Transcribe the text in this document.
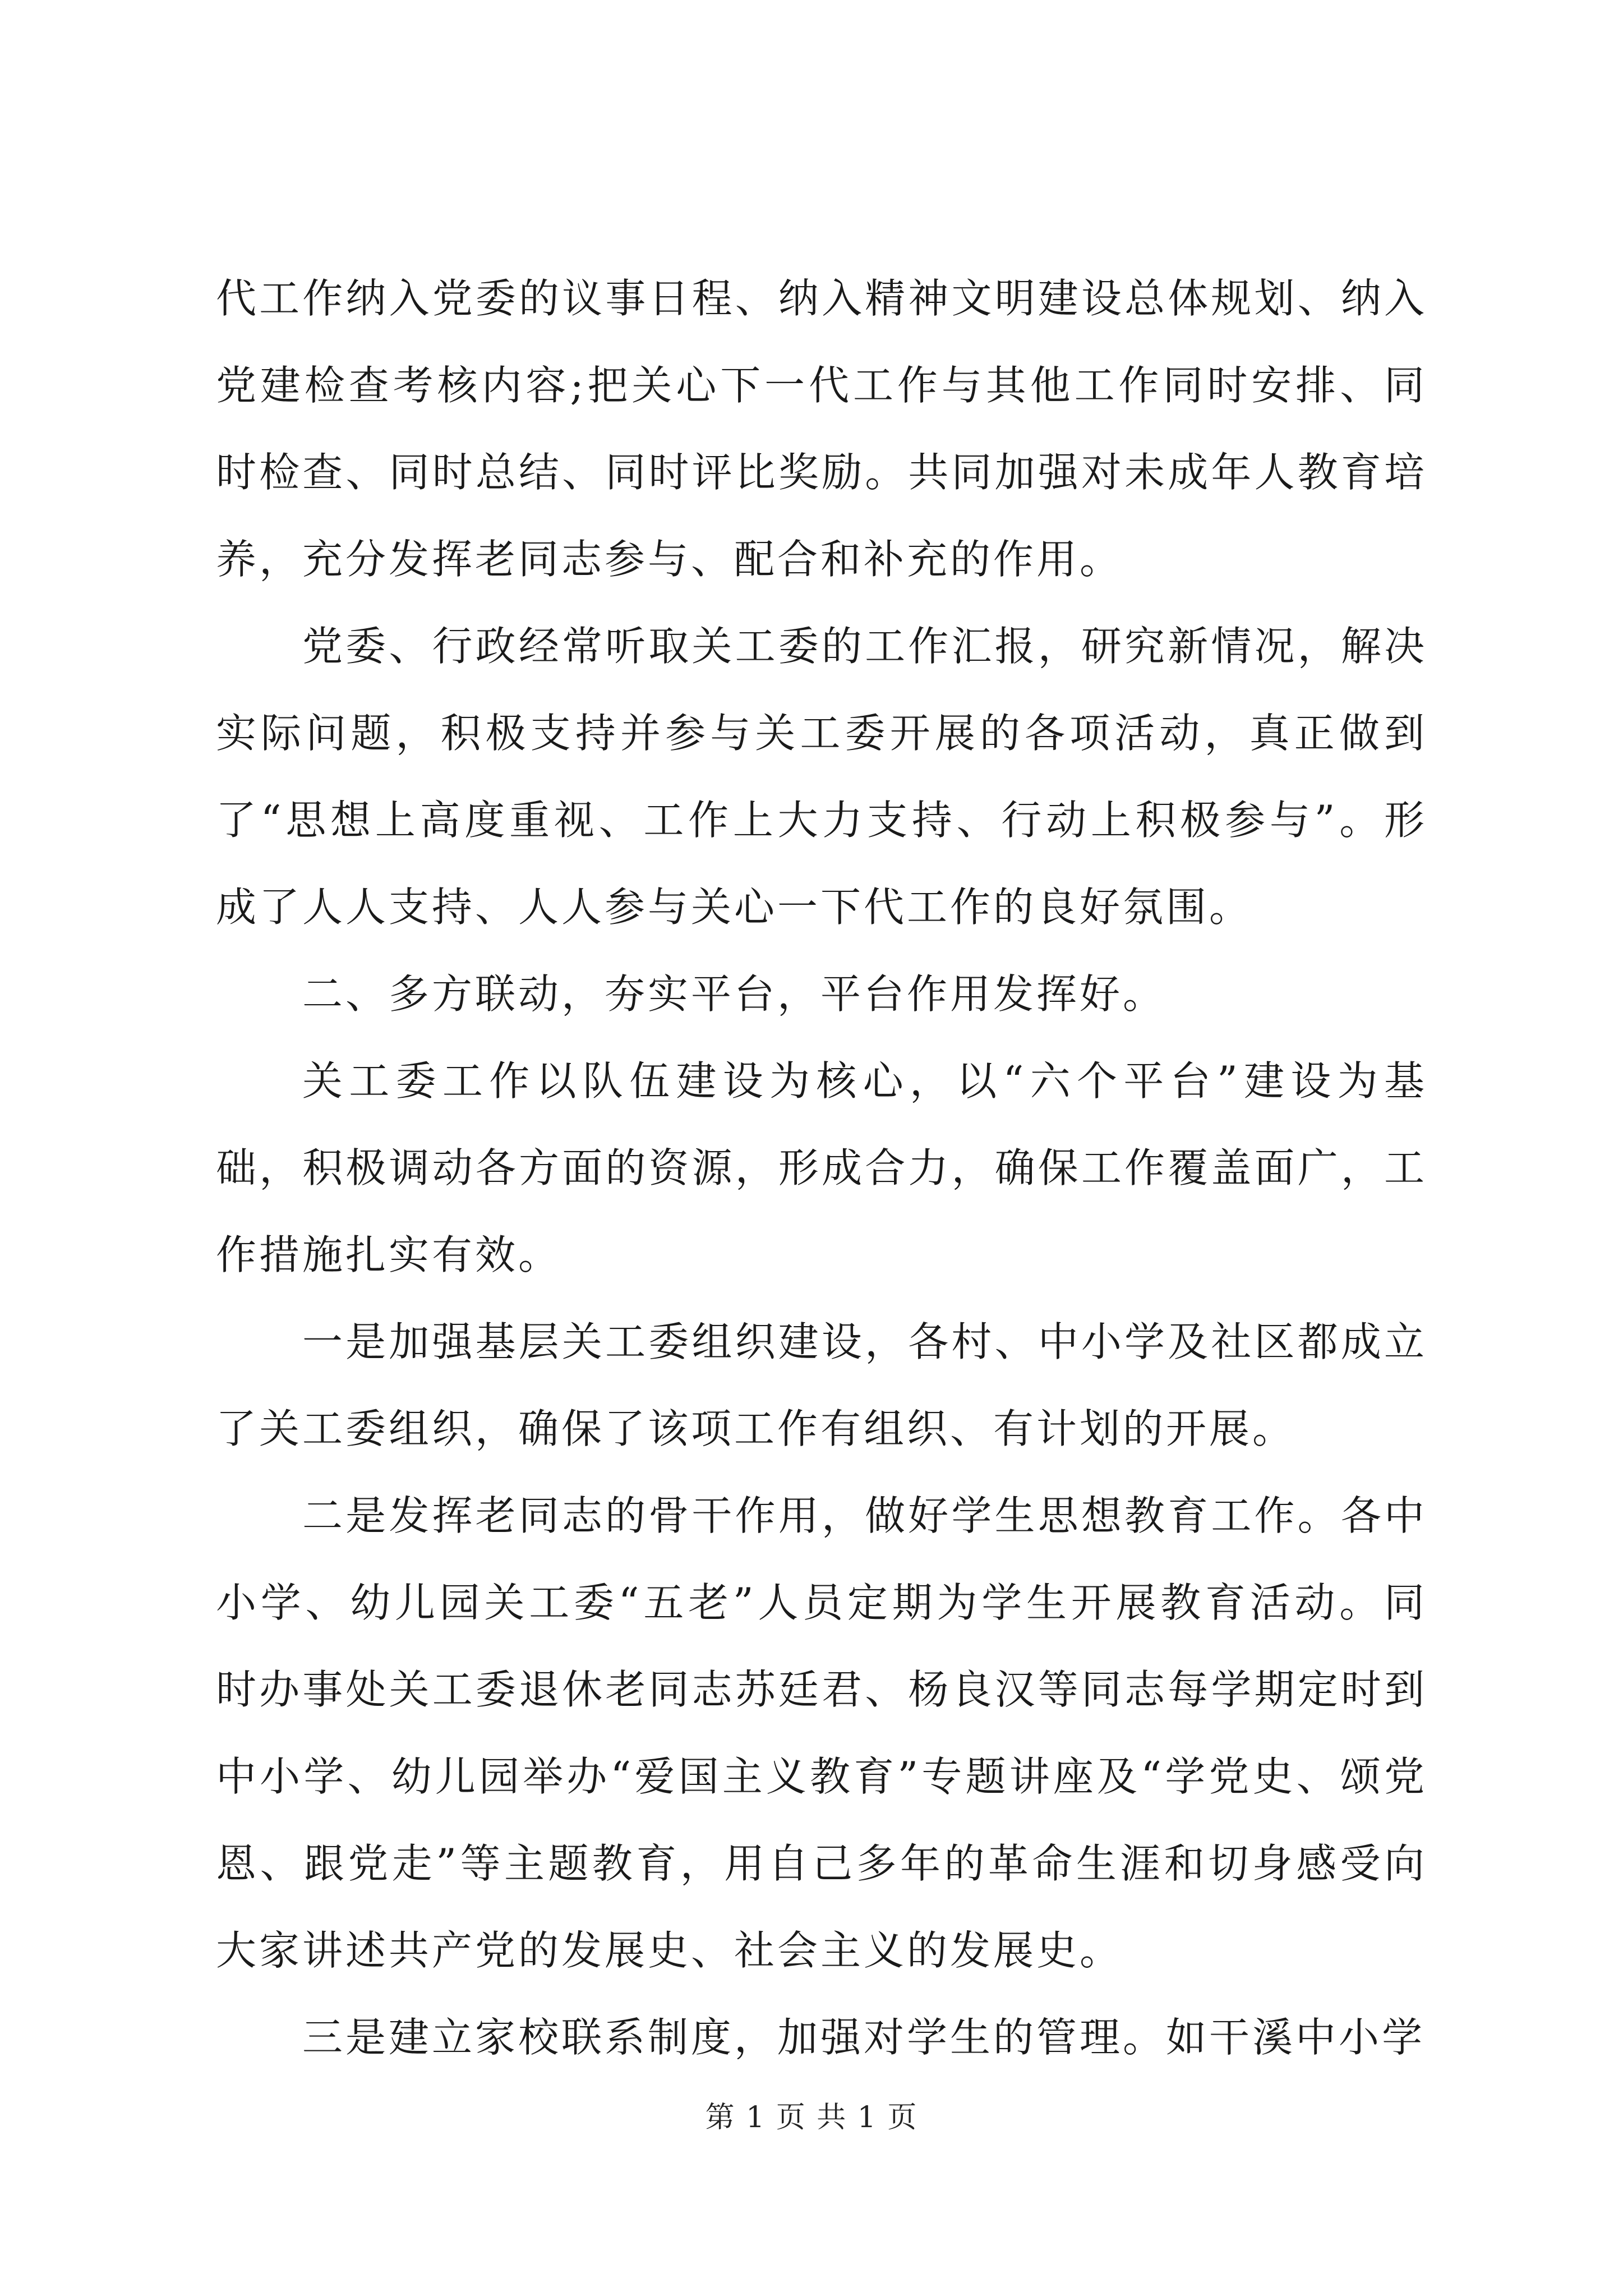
代工作纳入党委的议事日程、纳入精神文明建设总体规划、纳入党建检查考核内容;把关心下一代工作与其他工作同时安排、同时检查、同时总结、同时评比奖励。共同加强对未成年人教育培养，充分发挥老同志参与、配合和补充的作用。

党委、行政经常听取关工委的工作汇报，研究新情况，解决实际问题，积极支持并参与关工委开展的各项活动，真正做到了“思想上高度重视、工作上大力支持、行动上积极参与”。形成了人人支持、人人参与关心一下代工作的良好氛围。

二、多方联动，夯实平台，平台作用发挥好。

关工委工作以队伍建设为核心，以“六个平台”建设为基础，积极调动各方面的资源，形成合力，确保工作覆盖面广，工作措施扎实有效。

一是加强基层关工委组织建设，各村、中小学及社区都成立了关工委组织，确保了该项工作有组织、有计划的开展。

二是发挥老同志的骨干作用，做好学生思想教育工作。各中小学、幼儿园关工委“五老”人员定期为学生开展教育活动。同时办事处关工委退休老同志苏廷君、杨良汉等同志每学期定时到中小学、幼儿园举办“爱国主义教育”专题讲座及“学党史、颂党恩、跟党走”等主题教育，用自己多年的革命生涯和切身感受向大家讲述共产党的发展史、社会主义的发展史。

三是建立家校联系制度，加强对学生的管理。如干溪中小学

第 1 页 共 1 页
